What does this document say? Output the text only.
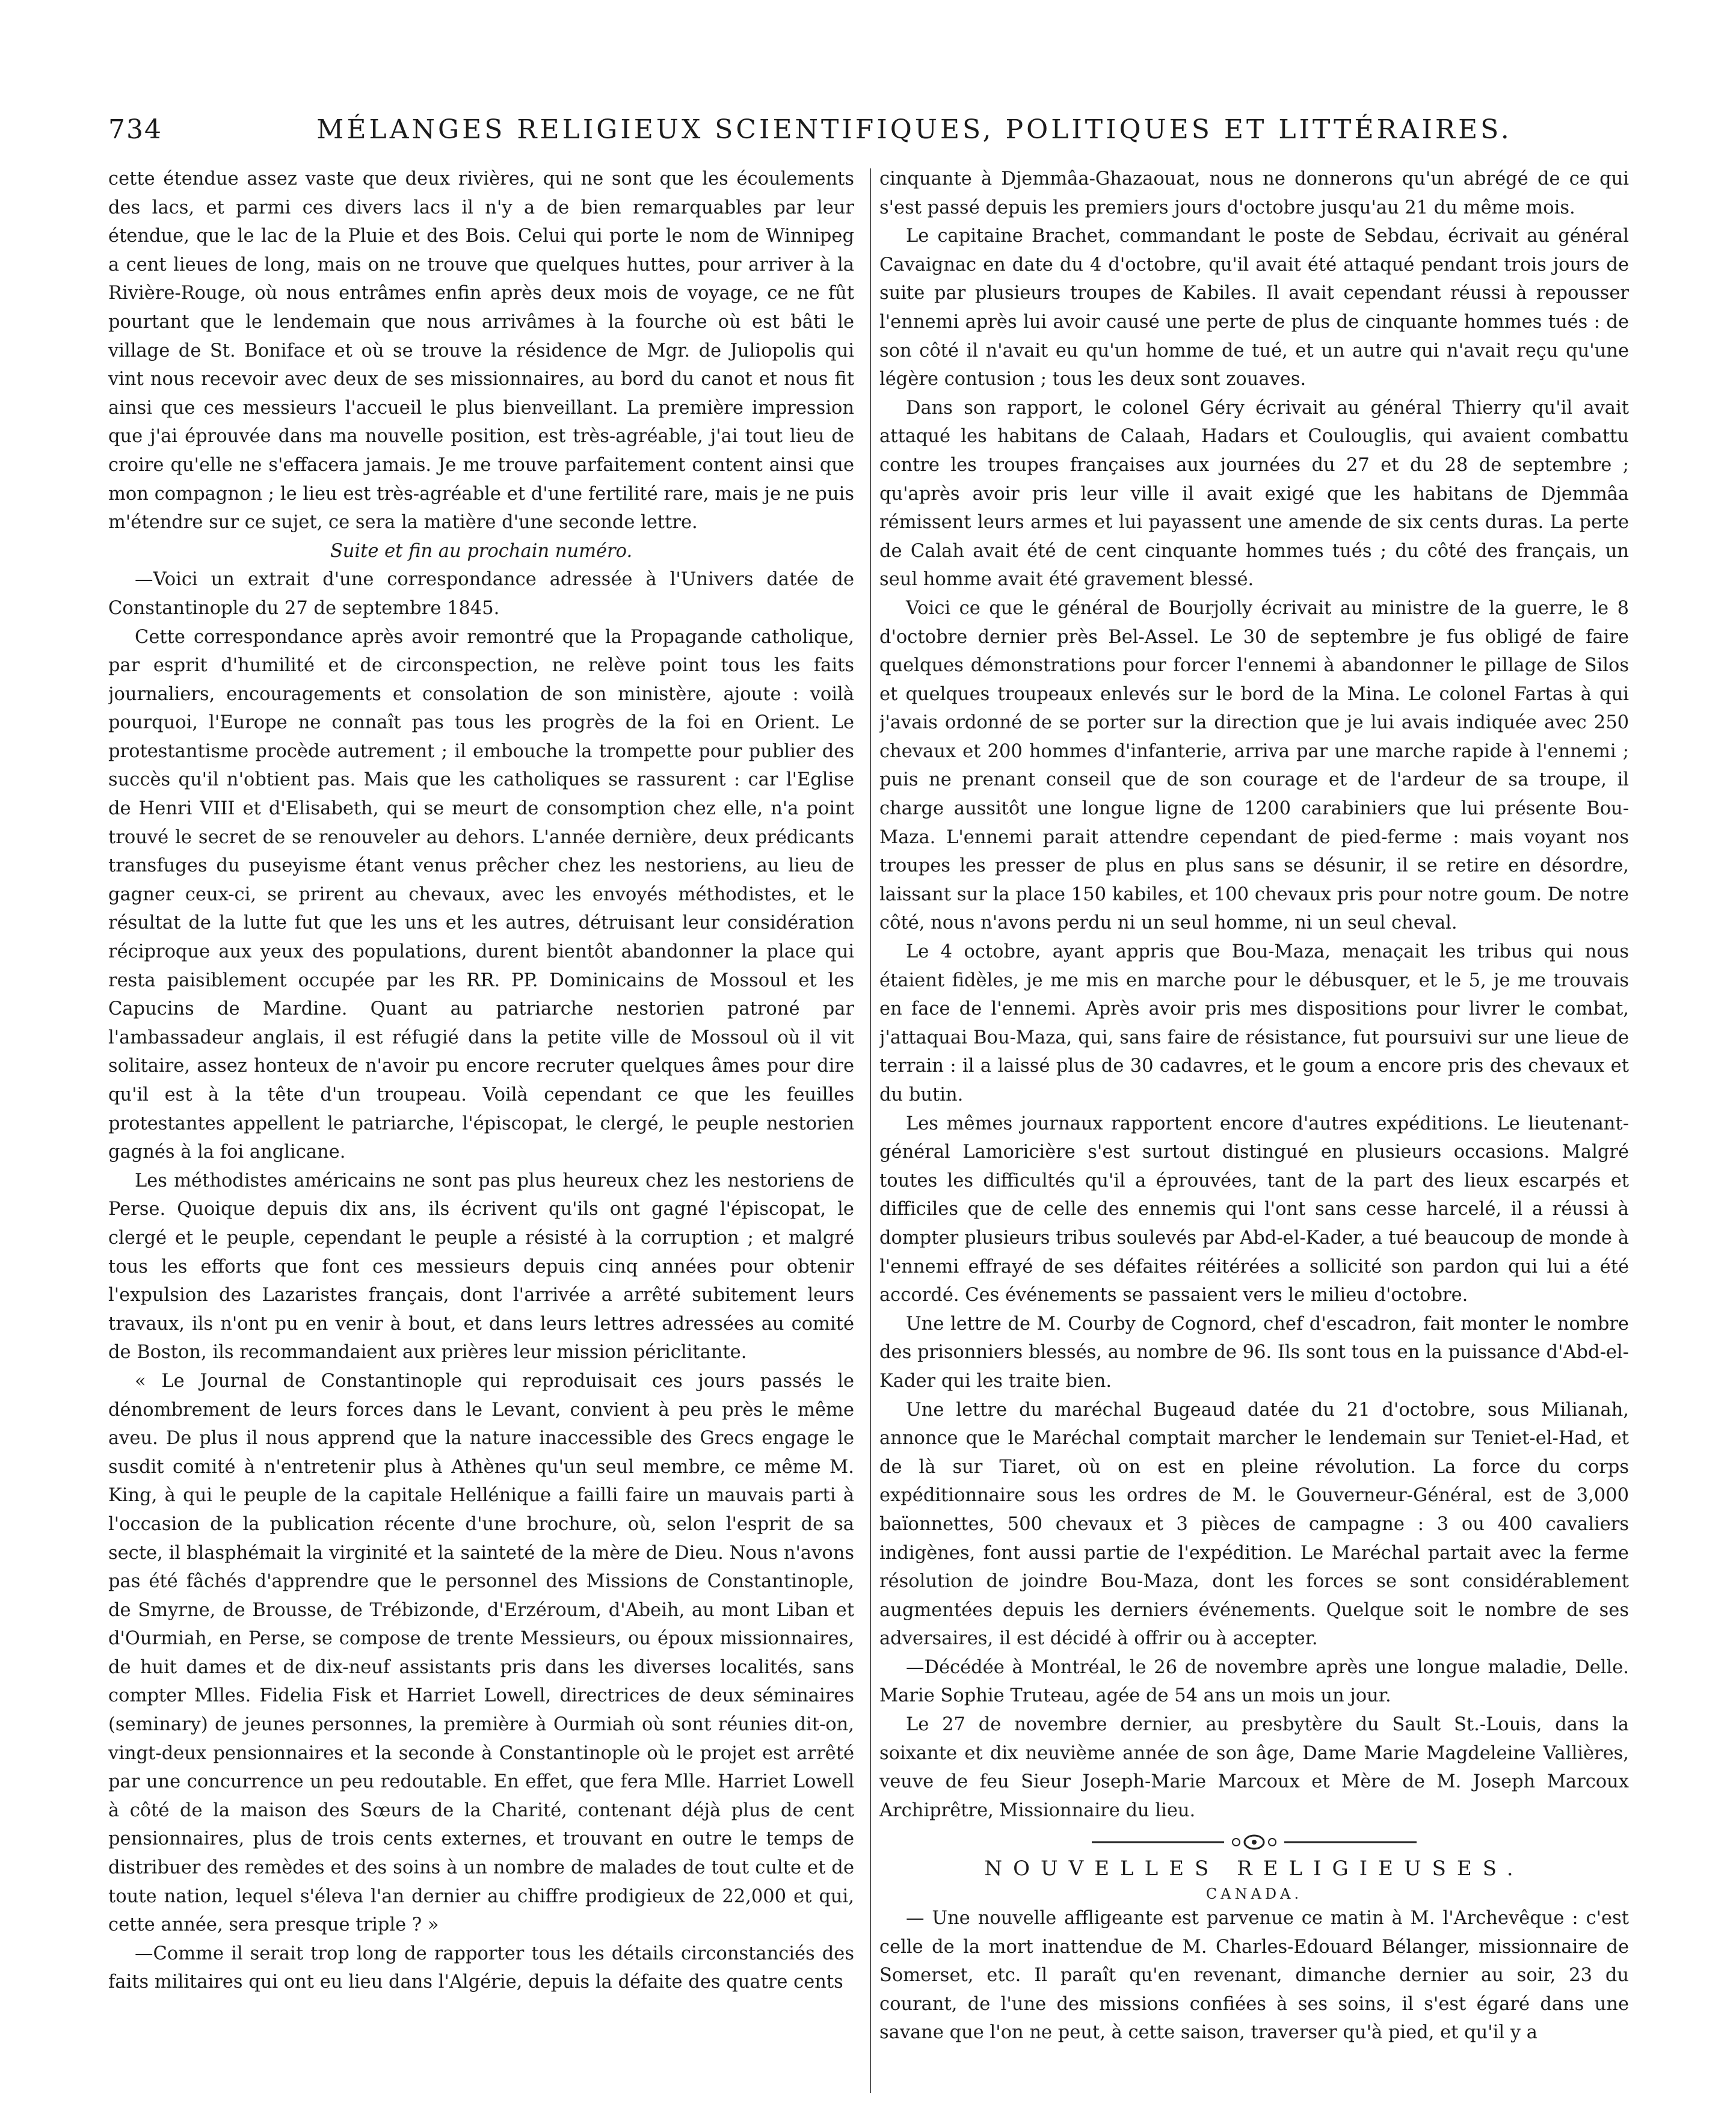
734	MÉLANGES RELIGIEUX SCIENTIFIQUES, POLITIQUES ET LITTÉRAIRES.

cette étendue assez vaste que deux rivières, qui ne sont que les écoulements des lacs, et parmi ces divers lacs il n'y a de bien remarquables par leur étendue, que le lac de la Pluie et des Bois. Celui qui porte le nom de Winnipeg a cent lieues de long, mais on ne trouve que quelques huttes, pour arriver à la Rivière-Rouge, où nous entrâmes enfin après deux mois de voyage, ce ne fût pourtant que le lendemain que nous arrivâmes à la fourche où est bâti le village de St. Boniface et où se trouve la résidence de Mgr. de Juliopolis qui vint nous recevoir avec deux de ses missionnaires, au bord du canot et nous fit ainsi que ces messieurs l'accueil le plus bienveillant. La première impression que j'ai éprouvée dans ma nouvelle position, est très-agréable, j'ai tout lieu de croire qu'elle ne s'effacera jamais. Je me trouve parfaitement content ainsi que mon compagnon ; le lieu est très-agréable et d'une fertilité rare, mais je ne puis m'étendre sur ce sujet, ce sera la matière d'une seconde lettre.

Suite et fin au prochain numéro.

—Voici un extrait d'une correspondance adressée à l'Univers datée de Constantinople du 27 de septembre 1845.

Cette correspondance après avoir remontré que la Propagande catholique, par esprit d'humilité et de circonspection, ne relève point tous les faits journaliers, encouragements et consolation de son ministère, ajoute : voilà pourquoi, l'Europe ne connaît pas tous les progrès de la foi en Orient. Le protestantisme procède autrement ; il embouche la trompette pour publier des succès qu'il n'obtient pas. Mais que les catholiques se rassurent : car l'Eglise de Henri VIII et d'Elisabeth, qui se meurt de consomption chez elle, n'a point trouvé le secret de se renouveler au dehors. L'année dernière, deux prédicants transfuges du puseyisme étant venus prêcher chez les nestoriens, au lieu de gagner ceux-ci, se prirent au chevaux, avec les envoyés méthodistes, et le résultat de la lutte fut que les uns et les autres, détruisant leur considération réciproque aux yeux des populations, durent bientôt abandonner la place qui resta paisiblement occupée par les RR. PP. Dominicains de Mossoul et les Capucins de Mardine. Quant au patriarche nestorien patroné par l'ambassadeur anglais, il est réfugié dans la petite ville de Mossoul où il vit solitaire, assez honteux de n'avoir pu encore recruter quelques âmes pour dire qu'il est à la tête d'un troupeau. Voilà cependant ce que les feuilles protestantes appellent le patriarche, l'épiscopat, le clergé, le peuple nestorien gagnés à la foi anglicane.

Les méthodistes américains ne sont pas plus heureux chez les nestoriens de Perse. Quoique depuis dix ans, ils écrivent qu'ils ont gagné l'épiscopat, le clergé et le peuple, cependant le peuple a résisté à la corruption ; et malgré tous les efforts que font ces messieurs depuis cinq années pour obtenir l'expulsion des Lazaristes français, dont l'arrivée a arrêté subitement leurs travaux, ils n'ont pu en venir à bout, et dans leurs lettres adressées au comité de Boston, ils recommandaient aux prières leur mission périclitante.

« Le Journal de Constantinople qui reproduisait ces jours passés le dénombrement de leurs forces dans le Levant, convient à peu près le même aveu. De plus il nous apprend que la nature inaccessible des Grecs engage le susdit comité à n'entretenir plus à Athènes qu'un seul membre, ce même M. King, à qui le peuple de la capitale Hellénique a failli faire un mauvais parti à l'occasion de la publication récente d'une brochure, où, selon l'esprit de sa secte, il blasphémait la virginité et la sainteté de la mère de Dieu. Nous n'avons pas été fâchés d'apprendre que le personnel des Missions de Constantinople, de Smyrne, de Brousse, de Trébizonde, d'Erzéroum, d'Abeih, au mont Liban et d'Ourmiah, en Perse, se compose de trente Messieurs, ou époux missionnaires, de huit dames et de dix-neuf assistants pris dans les diverses localités, sans compter Mlles. Fidelia Fisk et Harriet Lowell, directrices de deux séminaires (seminary) de jeunes personnes, la première à Ourmiah où sont réunies dit-on, vingt-deux pensionnaires et la seconde à Constantinople où le projet est arrêté par une concurrence un peu redoutable. En effet, que fera Mlle. Harriet Lowell à côté de la maison des Sœurs de la Charité, contenant déjà plus de cent pensionnaires, plus de trois cents externes, et trouvant en outre le temps de distribuer des remèdes et des soins à un nombre de malades de tout culte et de toute nation, lequel s'éleva l'an dernier au chiffre prodigieux de 22,000 et qui, cette année, sera presque triple ? »

—Comme il serait trop long de rapporter tous les détails circonstanciés des faits militaires qui ont eu lieu dans l'Algérie, depuis la défaite des quatre cents

cinquante à Djemmâa-Ghazaouat, nous ne donnerons qu'un abrégé de ce qui s'est passé depuis les premiers jours d'octobre jusqu'au 21 du même mois.

Le capitaine Brachet, commandant le poste de Sebdau, écrivait au général Cavaignac en date du 4 d'octobre, qu'il avait été attaqué pendant trois jours de suite par plusieurs troupes de Kabiles. Il avait cependant réussi à repousser l'ennemi après lui avoir causé une perte de plus de cinquante hommes tués : de son côté il n'avait eu qu'un homme de tué, et un autre qui n'avait reçu qu'une légère contusion ; tous les deux sont zouaves.

Dans son rapport, le colonel Géry écrivait au général Thierry qu'il avait attaqué les habitans de Calaah, Hadars et Coulouglis, qui avaient combattu contre les troupes françaises aux journées du 27 et du 28 de septembre ; qu'après avoir pris leur ville il avait exigé que les habitans de Djemmâa rémissent leurs armes et lui payassent une amende de six cents duras. La perte de Calah avait été de cent cinquante hommes tués ; du côté des français, un seul homme avait été gravement blessé.

Voici ce que le général de Bourjolly écrivait au ministre de la guerre, le 8 d'octobre dernier près Bel-Assel. Le 30 de septembre je fus obligé de faire quelques démonstrations pour forcer l'ennemi à abandonner le pillage de Silos et quelques troupeaux enlevés sur le bord de la Mina. Le colonel Fartas à qui j'avais ordonné de se porter sur la direction que je lui avais indiquée avec 250 chevaux et 200 hommes d'infanterie, arriva par une marche rapide à l'ennemi ; puis ne prenant conseil que de son courage et de l'ardeur de sa troupe, il charge aussitôt une longue ligne de 1200 carabiniers que lui présente Bou-Maza. L'ennemi parait attendre cependant de pied-ferme : mais voyant nos troupes les presser de plus en plus sans se désunir, il se retire en désordre, laissant sur la place 150 kabiles, et 100 chevaux pris pour notre goum. De notre côté, nous n'avons perdu ni un seul homme, ni un seul cheval.

Le 4 octobre, ayant appris que Bou-Maza, menaçait les tribus qui nous étaient fidèles, je me mis en marche pour le débusquer, et le 5, je me trouvais en face de l'ennemi. Après avoir pris mes dispositions pour livrer le combat, j'attaquai Bou-Maza, qui, sans faire de résistance, fut poursuivi sur une lieue de terrain : il a laissé plus de 30 cadavres, et le goum a encore pris des chevaux et du butin.

Les mêmes journaux rapportent encore d'autres expéditions. Le lieutenant-général Lamoricière s'est surtout distingué en plusieurs occasions. Malgré toutes les difficultés qu'il a éprouvées, tant de la part des lieux escarpés et difficiles que de celle des ennemis qui l'ont sans cesse harcelé, il a réussi à dompter plusieurs tribus soulevés par Abd-el-Kader, a tué beaucoup de monde à l'ennemi effrayé de ses défaites réitérées a sollicité son pardon qui lui a été accordé. Ces événements se passaient vers le milieu d'octobre.

Une lettre de M. Courby de Cognord, chef d'escadron, fait monter le nombre des prisonniers blessés, au nombre de 96. Ils sont tous en la puissance d'Abd-el-Kader qui les traite bien.

Une lettre du maréchal Bugeaud datée du 21 d'octobre, sous Milianah, annonce que le Maréchal comptait marcher le lendemain sur Teniet-el-Had, et de là sur Tiaret, où on est en pleine révolution. La force du corps expéditionnaire sous les ordres de M. le Gouverneur-Général, est de 3,000 baïonnettes, 500 chevaux et 3 pièces de campagne : 3 ou 400 cavaliers indigènes, font aussi partie de l'expédition. Le Maréchal partait avec la ferme résolution de joindre Bou-Maza, dont les forces se sont considérablement augmentées depuis les derniers événements. Quelque soit le nombre de ses adversaires, il est décidé à offrir ou à accepter.

—Décédée à Montréal, le 26 de novembre après une longue maladie, Delle. Marie Sophie Truteau, agée de 54 ans un mois un jour.

Le 27 de novembre dernier, au presbytère du Sault St.-Louis, dans la soixante et dix neuvième année de son âge, Dame Marie Magdeleine Vallières, veuve de feu Sieur Joseph-Marie Marcoux et Mère de M. Joseph Marcoux Archiprêtre, Missionnaire du lieu.

NOUVELLES RELIGIEUSES.

CANADA.

— Une nouvelle affligeante est parvenue ce matin à M. l'Archevêque : c'est celle de la mort inattendue de M. Charles-Edouard Bélanger, missionnaire de Somerset, etc. Il paraît qu'en revenant, dimanche dernier au soir, 23 du courant, de l'une des missions confiées à ses soins, il s'est égaré dans une savane que l'on ne peut, à cette saison, traverser qu'à pied, et qu'il y a
